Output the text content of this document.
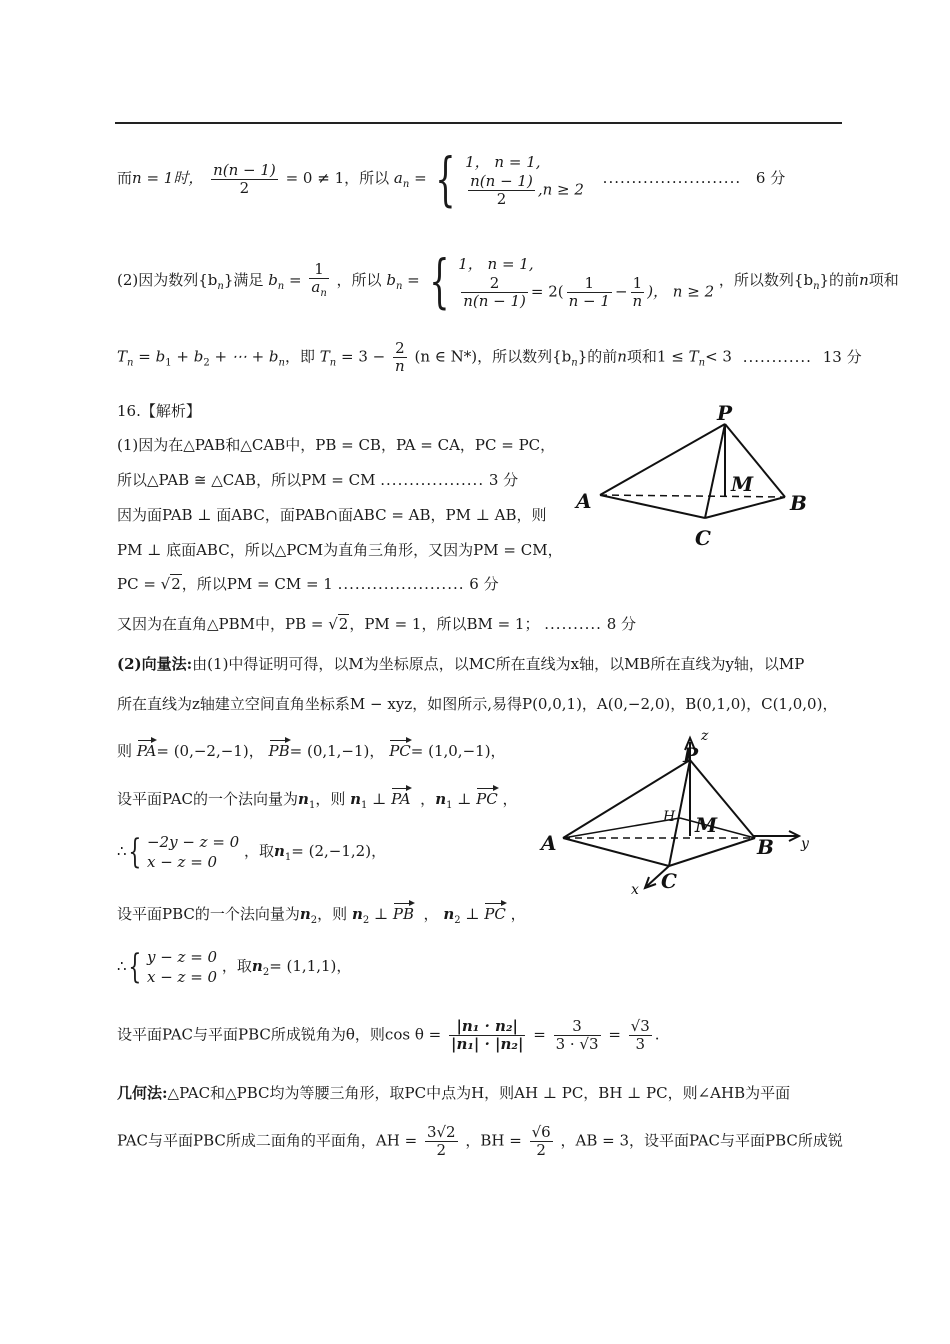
而n = 1时， $\frac{n(n - 1)}{2} = 0 \ne 1$，所以 $a_n$ = { 1， n = 1,
$\frac{n(n - 1)}{2} ,n \ge 2$
........................ 6 分
(2)因为数列$\{b_n\}$满足 $b_n = \frac{1}{a_n}$ ，所以 $b_n$ = { 1， n = 1,
$\frac{2}{n(n - 1)} = 2( \frac{1}{n - 1} - \frac{1}{n}$ )， n ≥ 2
，所以数列$\{b_n\}$的前n项和
$T_n = b_1 + b_2$ + ⋯ + $b_n$，即 $T_n = 3 - \frac{2}{n} (n$ ∈ N*)，所以数列$\{b_n\}$的前n项和$1 \le T_n< 3$ ............ 13 分
16.【解析】
(1)因为在△PAB和△CAB中，PB = CB，PA = CA，PC = PC，
所以△PAB ≅ △CAB，所以PM = CM .................. 3 分
因为面PAB ⊥ 面ABC，面PAB∩面ABC = AB，PM ⊥ AB，则
PM ⊥ 底面ABC，所以△PCM为直角三角形，又因为PM = CM，
PC = √2，所以PM = CM = 1 ...................... 6 分
又因为在直角△PBM中，PB = √2，PM = 1，所以BM = 1； .......... 8 分
P
A	B
C
M
(2)向量法:由(1)中得证明可得，以M为坐标原点，以MC所在直线为x轴，以MB所在直线为y轴，以MP
所在直线为z轴建立空间直角坐标系M − xyz，如图所示,易得P(0,0,1)，A(0,−2,0)，B(0,1,0)，C(1,0,0)，
则 PA= (0,−2,−1)， PB= (0,1,−1)， PC= (1,0,−1)，
设平面PAC的一个法向量为$n_1$，则 $n_1$ ⊥ PA ，$n_1$ ⊥ PC ，
∴{ −2y − z = 0
x − z = 0
，取$n_1= (2,-1,2)$，
设平面PBC的一个法向量为$n_2$，则 $n_2$ ⊥ PB  ， $n_2$ ⊥ PC ，
∴{ y − z = 0
x − z = 0
，取$n_2= (1,1,1)$，
设平面PAC与平面PBC所成锐角为θ，则$\cos \theta = \frac{\text{|n₁ · n₂|}}{\text{|n₁| · |n₂|}} = \frac{3}{3 \cdot √3} = \frac{√3}{3}$ .
P
A	B
C
M
H
z
y
x
几何法:△PAC和△PBC均为等腰三角形，取PC中点为H，则AH ⊥ PC，BH ⊥ PC，则∠AHB为平面
PAC与平面PBC所成二面角的平面角，AH = $\frac{3√2}{2}$ ，BH = $\frac{√6}{2}$ ，AB = 3，设平面PAC与平面PBC所成锐
